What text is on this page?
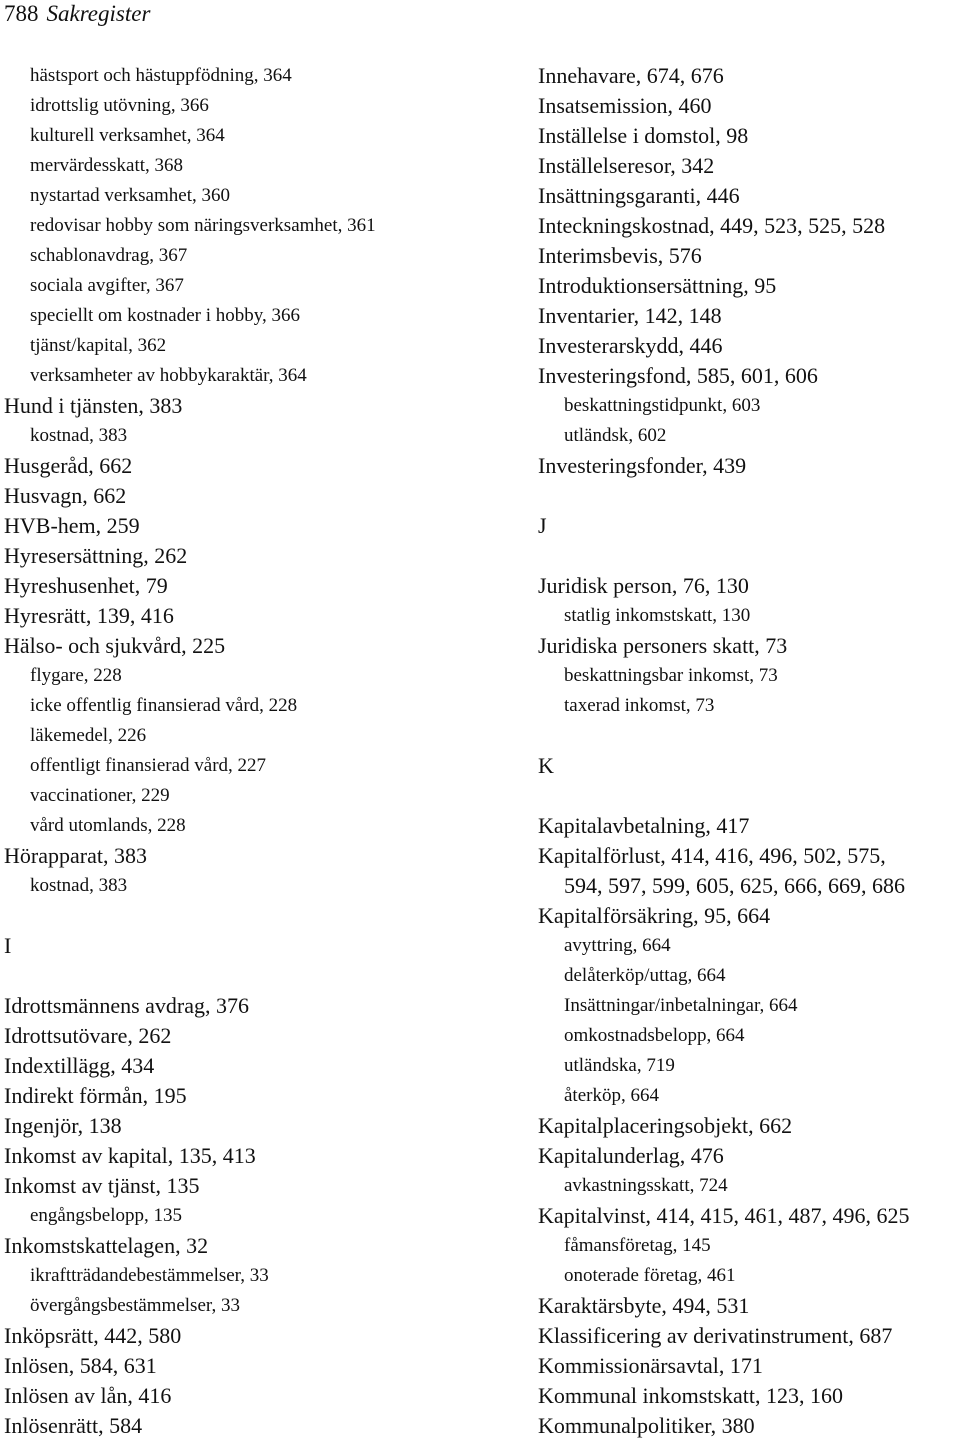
788 Sakregister
hästsport och hästuppfödning, 364
idrottslig utövning, 366
kulturell verksamhet, 364
mervärdesskatt, 368
nystartad verksamhet, 360
redovisar hobby som näringsverksamhet, 361
schablonavdrag, 367
sociala avgifter, 367
speciellt om kostnader i hobby, 366
tjänst/kapital, 362
verksamheter av hobbykaraktär, 364
Hund i tjänsten, 383
kostnad, 383
Husgeråd, 662
Husvagn, 662
HVB-hem, 259
Hyresersättning, 262
Hyreshusenhet, 79
Hyresrätt, 139, 416
Hälso- och sjukvård, 225
flygare, 228
icke offentlig finansierad vård, 228
läkemedel, 226
offentligt finansierad vård, 227
vaccinationer, 229
vård utomlands, 228
Hörapparat, 383
kostnad, 383
I
Idrottsmännens avdrag, 376
Idrottsutövare, 262
Indextillägg, 434
Indirekt förmån, 195
Ingenjör, 138
Inkomst av kapital, 135, 413
Inkomst av tjänst, 135
engångsbelopp, 135
Inkomstskattelagen, 32
ikraftträdandebestämmelser, 33
övergångsbestämmelser, 33
Inköpsrätt, 442, 580
Inlösen, 584, 631
Inlösen av lån, 416
Inlösenrätt, 584
Innehavare, 674, 676
Insatsemission, 460
Inställelse i domstol, 98
Inställelseresor, 342
Insättningsgaranti, 446
Inteckningskostnad, 449, 523, 525, 528
Interimsbevis, 576
Introduktionsersättning, 95
Inventarier, 142, 148
Investerarskydd, 446
Investeringsfond, 585, 601, 606
beskattningstidpunkt, 603
utländsk, 602
Investeringsfonder, 439
J
Juridisk person, 76, 130
statlig inkomstskatt, 130
Juridiska personers skatt, 73
beskattningsbar inkomst, 73
taxerad inkomst, 73
K
Kapitalavbetalning, 417
Kapitalförlust, 414, 416, 496, 502, 575,
594, 597, 599, 605, 625, 666, 669, 686
Kapitalförsäkring, 95, 664
avyttring, 664
delåterköp/uttag, 664
Insättningar/inbetalningar, 664
omkostnadsbelopp, 664
utländska, 719
återköp, 664
Kapitalplaceringsobjekt, 662
Kapitalunderlag, 476
avkastningsskatt, 724
Kapitalvinst, 414, 415, 461, 487, 496, 625
fåmansföretag, 145
onoterade företag, 461
Karaktärsbyte, 494, 531
Klassificering av derivatinstrument, 687
Kommissionärsavtal, 171
Kommunal inkomstskatt, 123, 160
Kommunalpolitiker, 380
